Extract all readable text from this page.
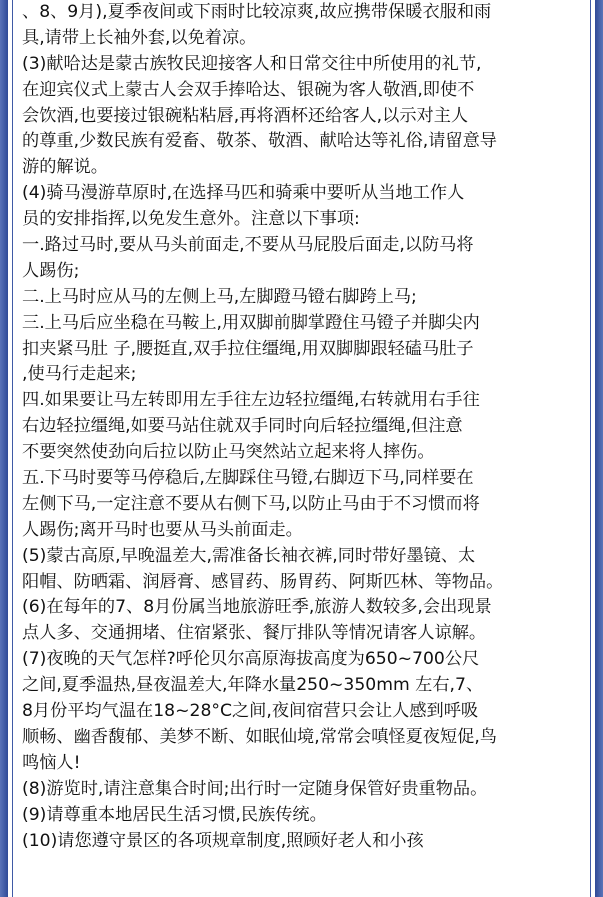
、8、9月),夏季夜间或下雨时比较凉爽,故应携带保暖衣服和雨
具,请带上长袖外套,以免着凉。
(3)献哈达是蒙古族牧民迎接客人和日常交往中所使用的礼节,
在迎宾仪式上蒙古人会双手捧哈达、银碗为客人敬酒,即使不
会饮酒,也要接过银碗粘粘唇,再将酒杯还给客人,以示对主人
的尊重,少数民族有爱畜、敬茶、敬酒、献哈达等礼俗,请留意导
游的解说。
(4)骑马漫游草原时,在选择马匹和骑乘中要听从当地工作人
员的安排指挥,以免发生意外。注意以下事项:
一.路过马时,要从马头前面走,不要从马屁股后面走,以防马将
人踢伤;
二.上马时应从马的左侧上马,左脚蹬马镫右脚跨上马;
三.上马后应坐稳在马鞍上,用双脚前脚掌蹬住马镫子并脚尖内
扣夹紧马肚 子,腰挺直,双手拉住缰绳,用双脚脚跟轻磕马肚子
,使马行走起来;
四.如果要让马左转即用左手往左边轻拉缰绳,右转就用右手往
右边轻拉缰绳,如要马站住就双手同时向后轻拉缰绳,但注意
不要突然使劲向后拉以防止马突然站立起来将人摔伤。
五.下马时要等马停稳后,左脚踩住马镫,右脚迈下马,同样要在
左侧下马,一定注意不要从右侧下马,以防止马由于不习惯而将
人踢伤;离开马时也要从马头前面走。
(5)蒙古高原,早晚温差大,需准备长袖衣裤,同时带好墨镜、太
阳帽、防晒霜、润唇膏、感冒药、肠胃药、阿斯匹林、等物品。
(6)在每年的7、8月份属当地旅游旺季,旅游人数较多,会出现景
点人多、交通拥堵、住宿紧张、餐厅排队等情况请客人谅解。
(7)夜晚的天气怎样?呼伦贝尔高原海拔高度为650~700公尺
之间,夏季温热,昼夜温差大,年降水量250~350mm 左右,7、
8月份平均气温在18~28°C之间,夜间宿营只会让人感到呼吸
顺畅、幽香馥郁、美梦不断、如眠仙境,常常会嗔怪夏夜短促,鸟
鸣恼人!
(8)游览时,请注意集合时间;出行时一定随身保管好贵重物品。
(9)请尊重本地居民生活习惯,民族传统。
(10)请您遵守景区的各项规章制度,照顾好老人和小孩
